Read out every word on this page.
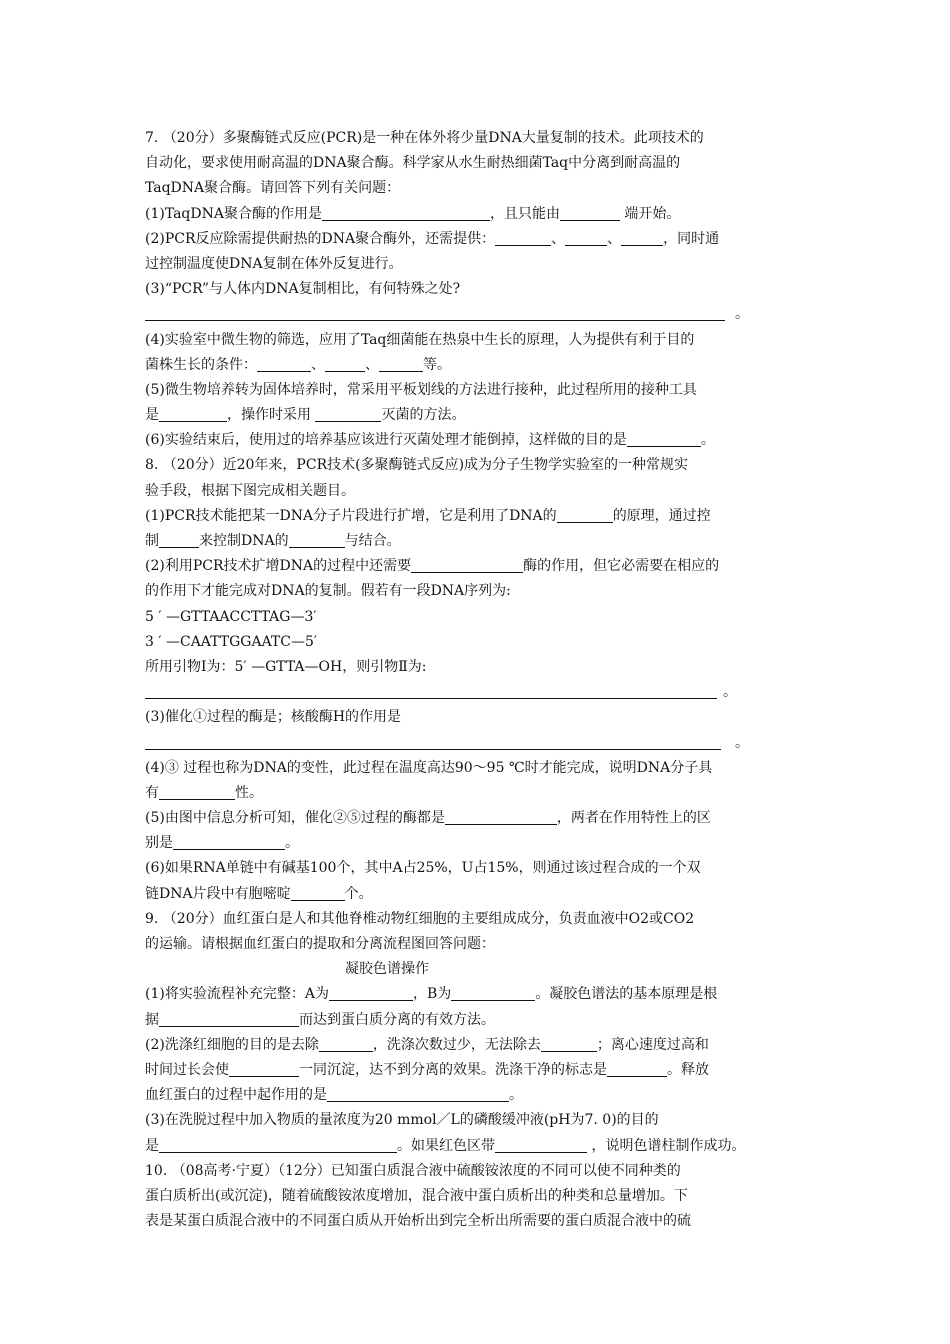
7. （20分）多聚酶链式反应(PCR)是一种在体外将少量DNA大量复制的技术。此项技术的
自动化，要求使用耐高温的DNA聚合酶。科学家从水生耐热细菌Taq中分离到耐高温的
TaqDNA聚合酶。请回答下列有关问题：
(1)TaqDNA聚合酶的作用是	，且只能由	端开始。
(2)PCR反应除需提供耐热的DNA聚合酶外，还需提供：	、	、	，同时通
过控制温度使DNA复制在体外反复进行。
(3)“PCR”与人体内DNA复制相比，有何特殊之处?
。
(4)实验室中微生物的筛选，应用了Taq细菌能在热泉中生长的原理，人为提供有利于目的
菌株生长的条件：	、	、	等。
(5)微生物培养转为固体培养时，常采用平板划线的方法进行接种，此过程所用的接种工具
是	，操作时采用	灭菌的方法。
(6)实验结束后，使用过的培养基应该进行灭菌处理才能倒掉，这样做的目的是	。
8. （20分）近20年来，PCR技术(多聚酶链式反应)成为分子生物学实验室的一种常规实
验手段，根据下图完成相关题目。
(1)PCR技术能把某一DNA分子片段进行扩增，它是利用了DNA的	的原理，通过控
制	来控制DNA的	与结合。
(2)利用PCR技术扩增DNA的过程中还需要	酶的作用，但它必需要在相应的
的作用下才能完成对DNA的复制。假若有一段DNA序列为:
5 ′ —GTTAACCTTAG—3′
3 ′ —CAATTGGAATC—5′
所用引物Ⅰ为：5′ —GTTA—OH，则引物Ⅱ为:
。
(3)催化①过程的酶是；核酸酶H的作用是
。
(4)③ 过程也称为DNA的变性，此过程在温度高达90～95 ℃时才能完成，说明DNA分子具
有	性。
(5)由图中信息分析可知，催化②⑤过程的酶都是	，两者在作用特性上的区
别是	。
(6)如果RNA单链中有碱基100个，其中A占25%，U占15%，则通过该过程合成的一个双
链DNA片段中有胞嘧啶	个。
9. （20分）血红蛋白是人和其他脊椎动物红细胞的主要组成成分，负责血液中O2或CO2
的运输。请根据血红蛋白的提取和分离流程图回答问题：
凝胶色谱操作
(1)将实验流程补充完整：A为	，B为	。凝胶色谱法的基本原理是根
据	而达到蛋白质分离的有效方法。
(2)洗涤红细胞的目的是去除	，洗涤次数过少，无法除去	；离心速度过高和
时间过长会使	一同沉淀，达不到分离的效果。洗涤干净的标志是	。释放
血红蛋白的过程中起作用的是	。
(3)在洗脱过程中加入物质的量浓度为20 mmol／L的磷酸缓冲液(pH为7. 0)的目的
是	。如果红色区带	，说明色谱柱制作成功。
10. （08高考·宁夏）（12分）已知蛋白质混合液中硫酸铵浓度的不同可以使不同种类的
蛋白质析出(或沉淀)，随着硫酸铵浓度增加，混合液中蛋白质析出的种类和总量增加。下
表是某蛋白质混合液中的不同蛋白质从开始析出到完全析出所需要的蛋白质混合液中的硫
